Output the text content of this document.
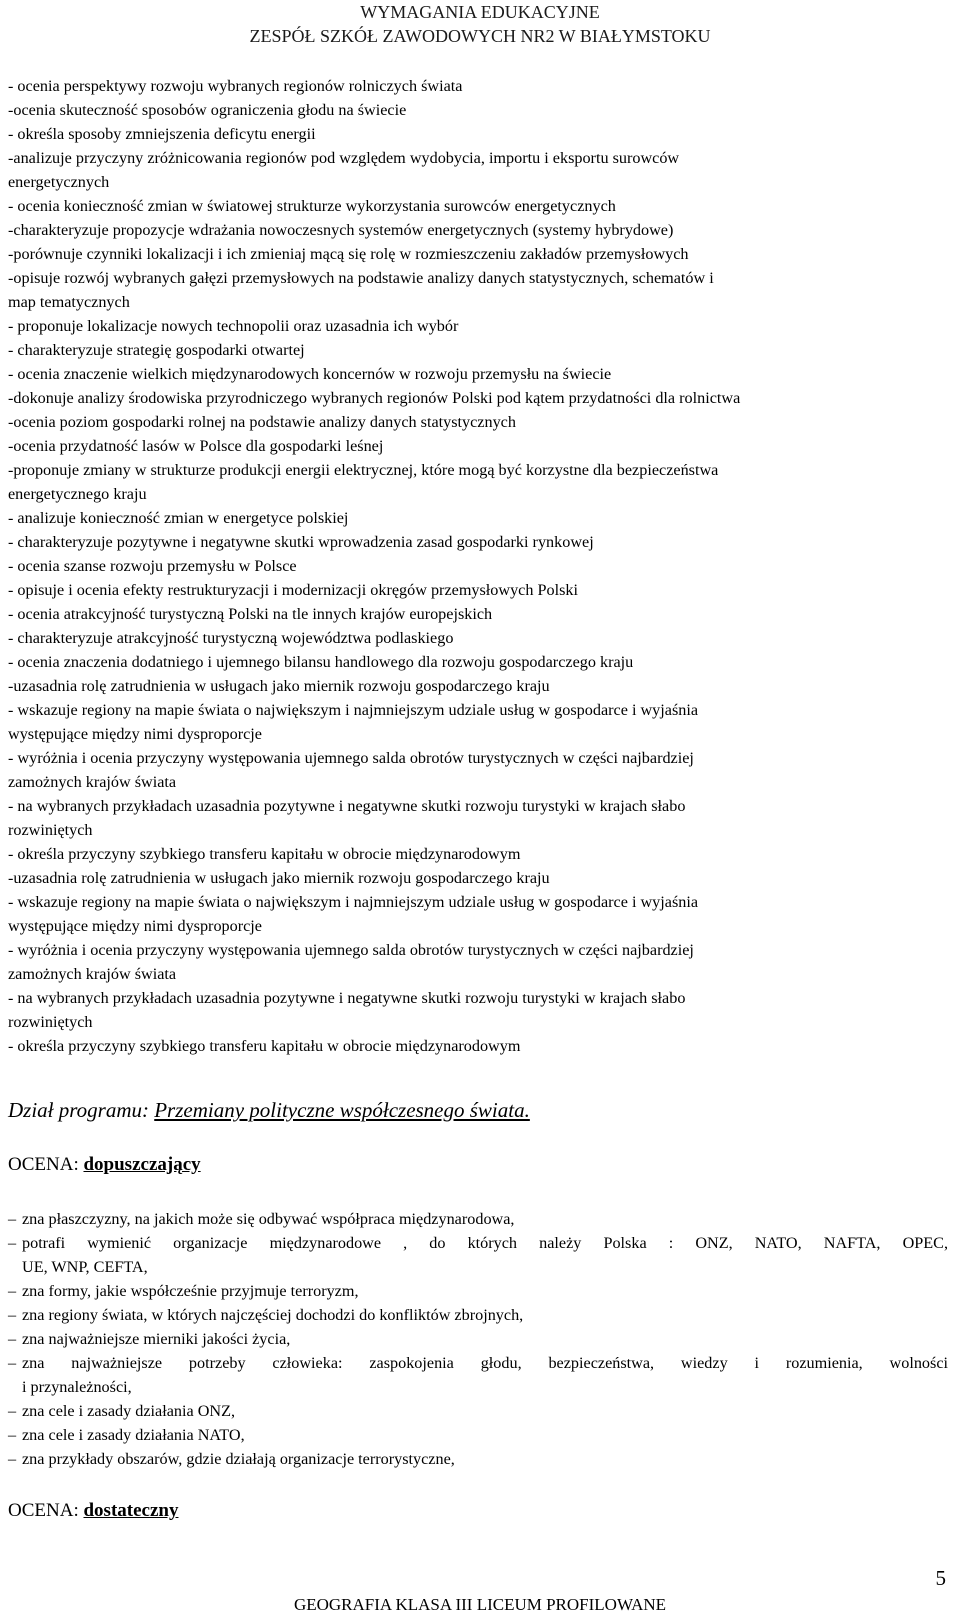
WYMAGANIA EDUKACYJNE
ZESPÓŁ SZKÓŁ ZAWODOWYCH NR2 W BIAŁYMSTOKU
- ocenia perspektywy rozwoju wybranych regionów rolniczych świata
-ocenia skuteczność sposobów ograniczenia głodu na świecie
- określa sposoby zmniejszenia deficytu energii
-analizuje przyczyny zróżnicowania regionów pod względem wydobycia, importu i eksportu surowców
energetycznych
- ocenia konieczność zmian w światowej strukturze wykorzystania surowców energetycznych
-charakteryzuje propozycje wdrażania nowoczesnych systemów energetycznych (systemy hybrydowe)
-porównuje czynniki lokalizacji i ich zmieniaj mącą się rolę w rozmieszczeniu zakładów przemysłowych
-opisuje rozwój wybranych gałęzi przemysłowych na podstawie analizy danych statystycznych, schematów i
map tematycznych
- proponuje lokalizacje nowych technopolii oraz uzasadnia ich wybór
- charakteryzuje strategię gospodarki otwartej
- ocenia znaczenie wielkich międzynarodowych koncernów w rozwoju przemysłu na świecie
-dokonuje analizy środowiska przyrodniczego wybranych regionów Polski pod kątem przydatności dla rolnictwa
-ocenia poziom gospodarki rolnej na podstawie analizy danych statystycznych
-ocenia przydatność lasów w Polsce dla gospodarki leśnej
-proponuje zmiany w strukturze produkcji energii elektrycznej, które mogą być korzystne dla bezpieczeństwa
energetycznego kraju
- analizuje konieczność zmian w energetyce polskiej
- charakteryzuje pozytywne i negatywne skutki wprowadzenia zasad gospodarki rynkowej
- ocenia szanse rozwoju przemysłu w Polsce
- opisuje i ocenia efekty restrukturyzacji i modernizacji okręgów przemysłowych Polski
- ocenia atrakcyjność turystyczną Polski na tle innych krajów europejskich
- charakteryzuje atrakcyjność turystyczną województwa podlaskiego
- ocenia znaczenia dodatniego i ujemnego bilansu handlowego dla rozwoju gospodarczego kraju
-uzasadnia rolę zatrudnienia w usługach jako miernik rozwoju gospodarczego kraju
- wskazuje regiony na mapie świata o największym i najmniejszym udziale usług w gospodarce i wyjaśnia
występujące między nimi dysproporcje
- wyróżnia i ocenia przyczyny występowania ujemnego salda obrotów turystycznych w części najbardziej
zamożnych krajów świata
- na wybranych przykładach uzasadnia pozytywne i negatywne skutki rozwoju turystyki w krajach słabo
rozwiniętych
- określa przyczyny szybkiego transferu kapitału w obrocie międzynarodowym
-uzasadnia rolę zatrudnienia w usługach jako miernik rozwoju gospodarczego kraju
- wskazuje regiony na mapie świata o największym i najmniejszym udziale usług w gospodarce i wyjaśnia
występujące między nimi dysproporcje
- wyróżnia i ocenia przyczyny występowania ujemnego salda obrotów turystycznych w części najbardziej
zamożnych krajów świata
- na wybranych przykładach uzasadnia pozytywne i negatywne skutki rozwoju turystyki w krajach słabo
rozwiniętych
- określa przyczyny szybkiego transferu kapitału w obrocie międzynarodowym
Dział programu: Przemiany polityczne współczesnego świata.
OCENA: dopuszczający
– zna płaszczyzny, na jakich może się odbywać współpraca międzynarodowa,
– potrafi wymienić organizacje międzynarodowe , do których należy Polska : ONZ, NATO, NAFTA, OPEC,
UE, WNP, CEFTA,
– zna formy, jakie współcześnie przyjmuje terroryzm,
– zna regiony świata, w których najczęściej dochodzi do konfliktów zbrojnych,
– zna najważniejsze mierniki jakości życia,
– zna najważniejsze potrzeby człowieka: zaspokojenia głodu, bezpieczeństwa, wiedzy i rozumienia, wolności
i przynależności,
– zna cele i zasady działania ONZ,
– zna cele i zasady działania NATO,
– zna przykłady obszarów, gdzie działają organizacje terrorystyczne,
OCENA: dostateczny
5
GEOGRAFIA KLASA III LICEUM PROFILOWANE
